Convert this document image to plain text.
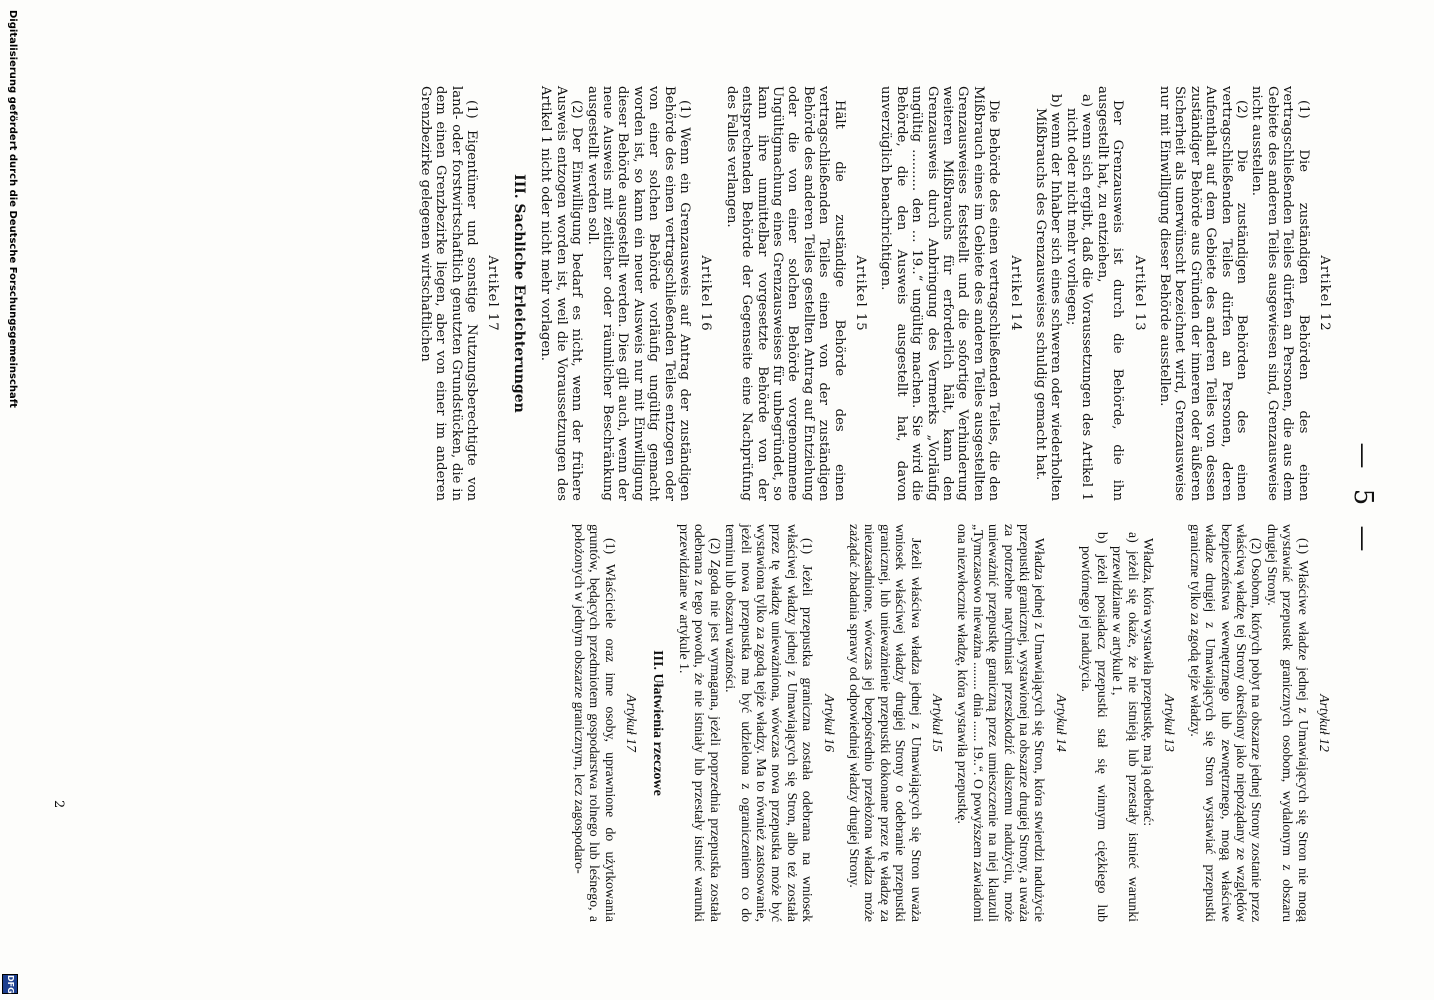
— 5 —
Artikel 12

(1) Die zuständigen Behörden des einen vertragschließenden Teiles dürfen an Personen, die aus dem Gebiete des anderen Teiles ausgewiesen sind, Grenzausweise nicht ausstellen.

(2) Die zuständigen Behörden des einen vertragschließenden Teiles dürfen an Personen, deren Aufenthalt auf dem Gebiete des anderen Teiles von dessen zuständiger Behörde aus Gründen der inneren oder äußeren Sicherheit als unerwünscht bezeichnet wird, Grenzausweise nur mit Einwilligung dieser Behörde ausstellen.

Artikel 13

Der Grenzausweis ist durch die Behörde, die ihn ausgestellt hat, zu entziehen,

a) wenn sich ergibt, daß die Voraussetzungen des Artikel 1 nicht oder nicht mehr vorliegen;

b) wenn der Inhaber sich eines schweren oder wiederholten Mißbrauchs des Grenzausweises schuldig gemacht hat.

Artikel 14

Die Behörde des einen vertragschließenden Teiles, die den Mißbrauch eines im Gebiete des anderen Teiles ausgestellten Grenzausweises feststellt und die sofortige Verhinderung weiteren Mißbrauchs für erforderlich hält, kann den Grenzausweis durch Anbringung des Vermerks „Vorläufig ungültig .......... den ... 19..“ ungültig machen. Sie wird die Behörde, die den Ausweis ausgestellt hat, davon unverzüglich benachrichtigen.

Artikel 15

Hält die zuständige Behörde des einen vertragschließenden Teiles einen von der zuständigen Behörde des anderen Teiles gestellten Antrag auf Entziehung oder die von einer solchen Behörde vorgenommene Ungültigmachung eines Grenzausweises für unbegründet, so kann ihre unmittelbar vorgesetzte Behörde von der entsprechenden Behörde der Gegenseite eine Nachprüfung des Falles verlangen.

Artikel 16

(1) Wenn ein Grenzausweis auf Antrag der zuständigen Behörde des einen vertragschließenden Teiles entzogen oder von einer solchen Behörde vorläufig ungültig gemacht worden ist, so kann ein neuer Ausweis nur mit Einwilligung dieser Behörde ausgestellt werden. Dies gilt auch, wenn der neue Ausweis mit zeitlicher oder räumlicher Beschränkung ausgestellt werden soll.

(2) Der Einwilligung bedarf es nicht, wenn der frühere Ausweis entzogen worden ist, weil die Voraussetzungen des Artikel 1 nicht oder nicht mehr vorlagen.

III. Sachliche Erleichterungen
Artikel 17

(1) Eigentümer und sonstige Nutzungsberechtigte von land- oder forstwirtschaftlich genutzten Grundstücken, die in dem einen Grenzbezirke liegen, aber von einer im anderen Grenzbezirke gelegenen wirtschaftlichen

Artykuł 12

(1) Właściwe władze jednej z Umawiających się Stron nie mogą wystawiać przepustek granicznych osobom, wydalonym z obszaru drugiej Strony.

(2) Osobom, których pobyt na obszarze jednej Strony zostanie przez właściwą władzę tej Strony określony jako niepożądany ze względów bezpieczeństwa wewnętrznego lub zewnętrznego, mogą właściwe władze drugiej z Umawiających się Stron wystawiać przepustki graniczne tylko za zgodą tejże władzy.

Artykuł 13

Władza, która wystawiła przepustkę, ma ją odebrać:

a) jeżeli się okaże, że nie istnieją lub przestały istnieć warunki przewidziane w artykule 1,

b) jeżeli posiadacz przepustki stał się winnym ciężkiego lub powtórnego jej nadużycia.

Artykuł 14

Władza jednej z Umawiających się Stron, która stwierdzi nadużycie przepustki granicznej, wystawionej na obszarze drugiej Strony, a uważa za potrzebne natychmiast przeszkodzić dalszemu nadużyciu, może unieważnić przepustkę graniczną przez umieszczenie na niej klauzuli „Tymczasowo nieważna ........ dnia ...... 19..“. O powyższem zawiadomi ona niezwłocznie władzę, która wystawiła przepustkę.

Artykuł 15

Jeżeli właściwa władza jednej z Umawiających się Stron uważa wniosek właściwej władzy drugiej Strony o odebranie przepustki granicznej, lub unieważnienie przepustki dokonane przez tę władzę za nieuzasadnione, wówczas jej bezpośrednio przełożona władza może zażądać zbadania sprawy od odpowiedniej władzy drugiej Strony.

Artykuł 16

(1) Jeżeli przepustka graniczna została odebrana na wniosek właściwej władzy jednej z Umawiających się Stron, albo też została przez tę władzę unieważniona, wówczas nowa przepustka może być wystawiona tylko za zgodą tejże władzy. Ma to również zastosowanie, jeżeli nowa przepustka ma być udzielona z ograniczeniem co do terminu lub obszaru ważności.

(2) Zgoda nie jest wymagana, jeżeli poprzednia przepustka została odebrana z tego powodu, że nie istniały lub przestały istnieć warunki przewidziane w artykule 1.

III. Ułatwienia rzeczowe
Artykuł 17

(1) Właściciele oraz inne osoby, uprawnione do użytkowania gruntów, będących przedmiotem gospodarstwa rolnego lub leśnego, a położonych w jednym obszarze granicznym, lecz zagospodaro-

2
Digitalisierung gefördert durch die Deutsche Forschungsgemeinschaft
DFG
